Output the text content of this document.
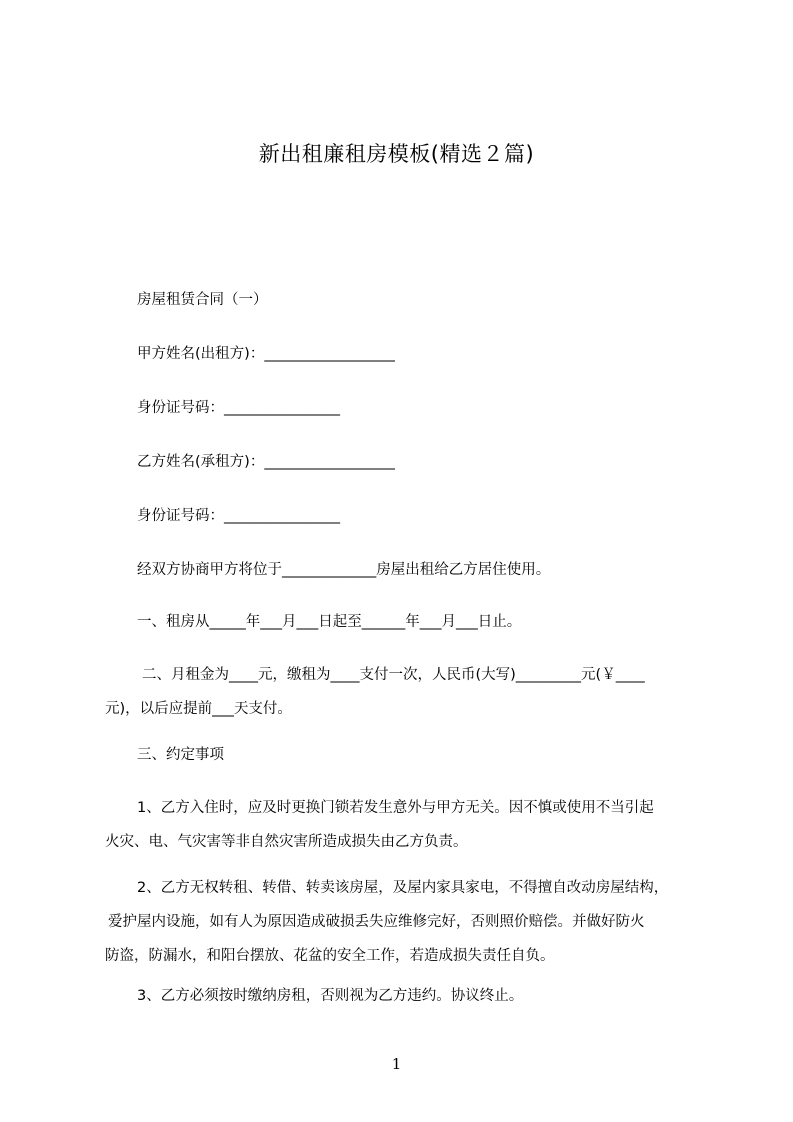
新出租廉租房模板(精选２篇)
房屋租赁合同（一）
甲方姓名(出租方)：__________________
身份证号码：________________
乙方姓名(承租方)：__________________
身份证号码：________________
经双方协商甲方将位于_____________房屋出租给乙方居住使用。
一、租房从_____年___月___日起至______年___月___日止。
二、月租金为____元，缴租为____支付一次，人民币(大写)_________元(￥____
元)，以后应提前___天支付。
三、约定事项
1、乙方入住时，应及时更换门锁若发生意外与甲方无关。因不慎或使用不当引起
火灾、电、气灾害等非自然灾害所造成损失由乙方负责。
2、乙方无权转租、转借、转卖该房屋，及屋内家具家电，不得擅自改动房屋结构，
爱护屋内设施，如有人为原因造成破损丢失应维修完好，否则照价赔偿。并做好防火
防盗，防漏水，和阳台摆放、花盆的安全工作，若造成损失责任自负。
3、乙方必须按时缴纳房租，否则视为乙方违约。协议终止。
1
